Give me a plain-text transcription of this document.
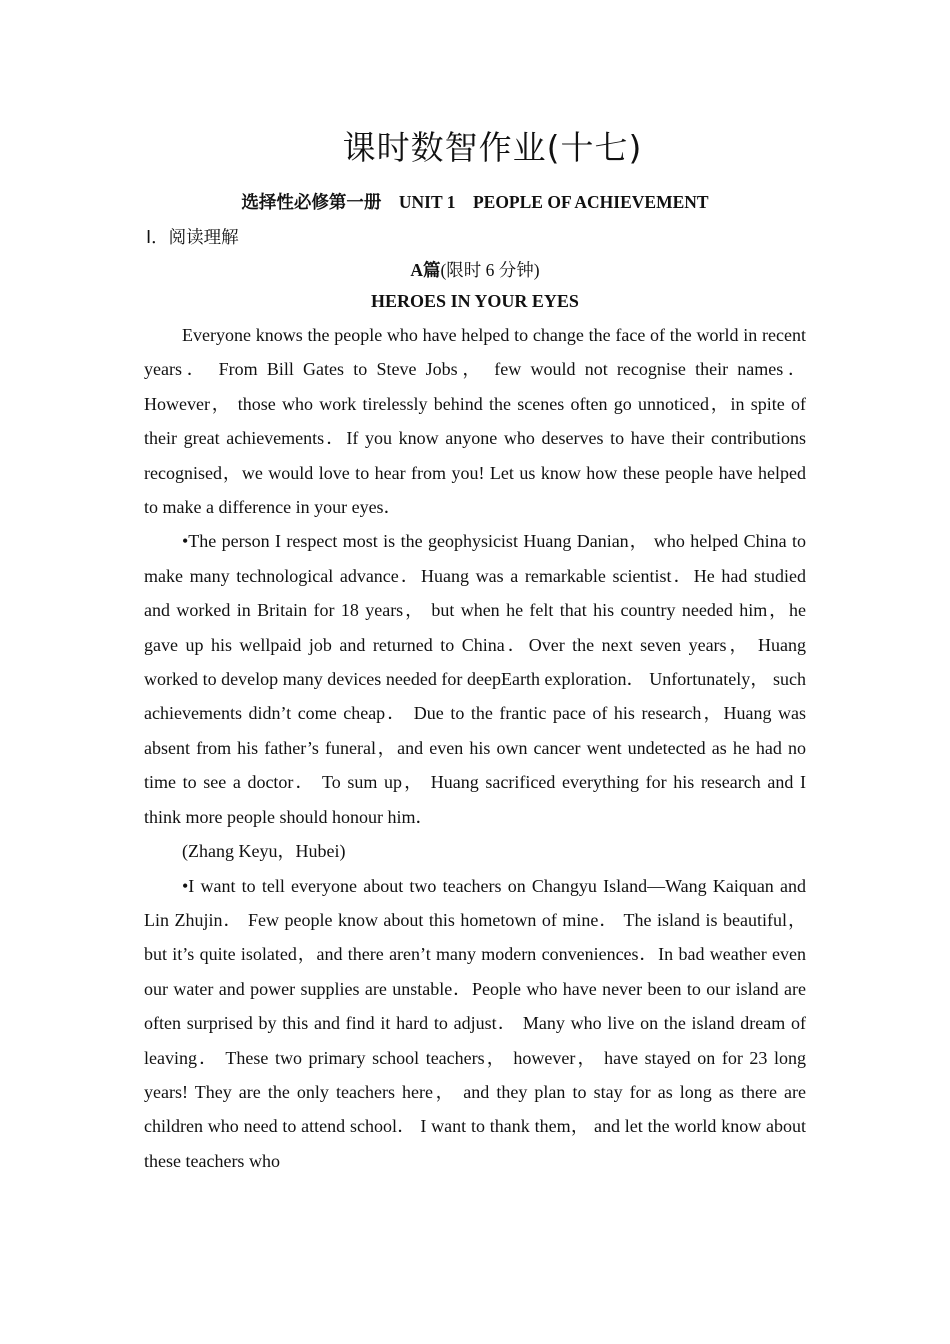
课时数智作业(十七)
选择性必修第一册　UNIT 1　PEOPLE OF ACHIEVEMENT
Ⅰ．阅读理解
A篇(限时 6 分钟)
HEROES IN YOUR EYES

Everyone knows the people who have helped to change the face of the world in recent years． From Bill Gates to Steve Jobs， few would not recognise their names． However， those who work tirelessly behind the scenes often go unnoticed，in spite of their great achievements．If you know anyone who deserves to have their contributions recognised，we would love to hear from you! Let us know how these people have helped to make a difference in your eyes．

•The person I respect most is the geophysicist Huang Danian， who helped China to make many technological advance．Huang was a remarkable scientist．He had studied and worked in Britain for 18 years， but when he felt that his country needed him，he gave up his wellpaid job and returned to China．Over the next seven years， Huang worked to develop many devices needed for deepEarth exploration． Unfortunately， such achievements didn’t come cheap． Due to the frantic pace of his research，Huang was absent from his father’s funeral，and even his own cancer went undetected as he had no time to see a doctor． To sum up， Huang sacrificed everything for his research and I think more people should honour him．

(Zhang Keyu，Hubei)

•I want to tell everyone about two teachers on Changyu Island—Wang Kaiquan and Lin Zhujin． Few people know about this hometown of mine． The island is beautiful，but it’s quite isolated，and there aren’t many modern conveniences．In bad weather even our water and power supplies are unstable．People who have never been to our island are often surprised by this and find it hard to adjust． Many who live on the island dream of leaving． These two primary school teachers， however， have stayed on for 23 long years! They are the only teachers here， and they plan to stay for as long as there are children who need to attend school． I want to thank them， and let the world know about these teachers who
